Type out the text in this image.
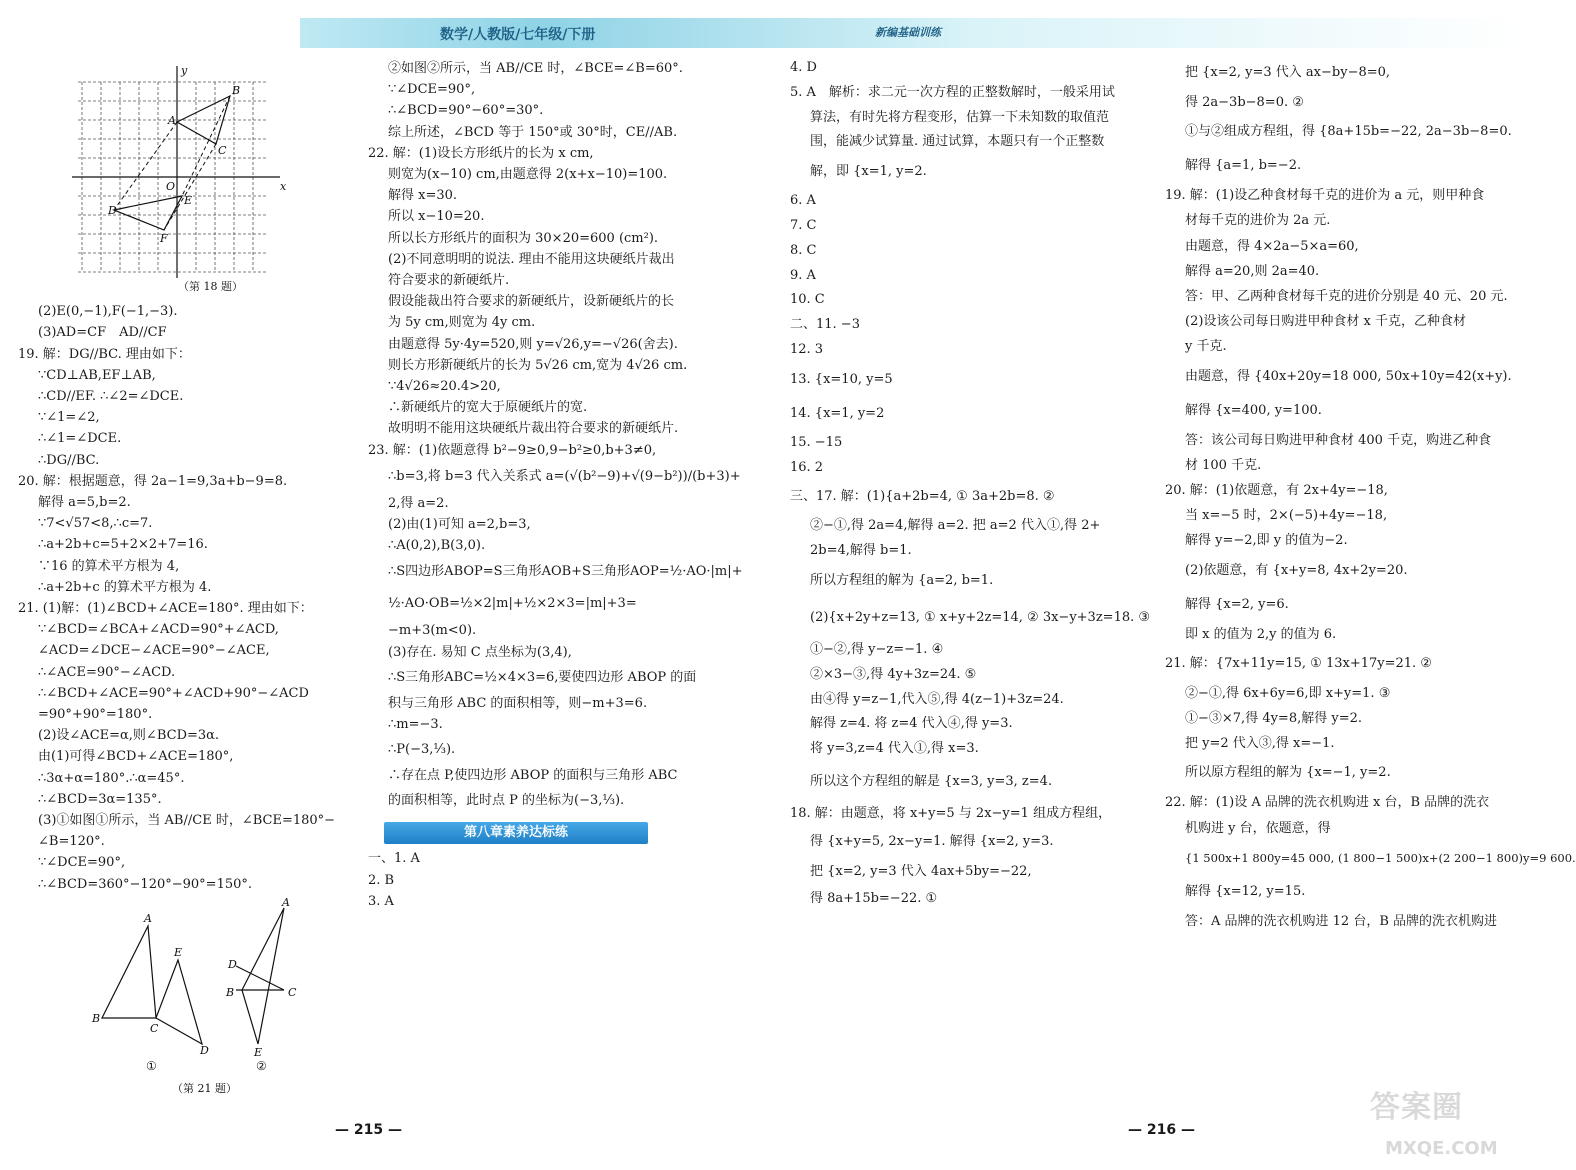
数学/人教版/七年级/下册	新编基础训练
y
x
O
A
B
C
D
E
F

（第 18 题）

(2)E(0,−1),F(−1,−3).

(3)AD=CF　AD//CF

19. 解：DG//BC. 理由如下：

∵CD⊥AB,EF⊥AB,

∴CD//EF. ∴∠2=∠DCE.

∵∠1=∠2,

∴∠1=∠DCE.

∴DG//BC.

20. 解：根据题意，得 2a−1=9,3a+b−9=8.

解得 a=5,b=2.

∵7<√57<8,∴c=7.

∴a+2b+c=5+2×2+7=16.

∵16 的算术平方根为 4,

∴a+2b+c 的算术平方根为 4.

21. (1)解：(1)∠BCD+∠ACE=180°. 理由如下：

∵∠BCD=∠BCA+∠ACD=90°+∠ACD,

∠ACD=∠DCE−∠ACE=90°−∠ACE,

∴∠ACE=90°−∠ACD.

∴∠BCD+∠ACE=90°+∠ACD+90°−∠ACD

=90°+90°=180°.

(2)设∠ACE=α,则∠BCD=3α.

由(1)可得∠BCD+∠ACE=180°,

∴3α+α=180°.∴α=45°.

∴∠BCD=3α=135°.

(3)①如图①所示，当 AB//CE 时，∠BCE=180°−

∠B=120°.

∵∠DCE=90°,

∴∠BCD=360°−120°−90°=150°.

A
B
C
E
D
A
D
B	C
E
①	②
（第 21 题）

②如图②所示，当 AB//CE 时，∠BCE=∠B=60°.

∵∠DCE=90°,

∴∠BCD=90°−60°=30°.

综上所述，∠BCD 等于 150°或 30°时，CE//AB.

22. 解：(1)设长方形纸片的长为 x cm,

则宽为(x−10) cm,由题意得 2(x+x−10)=100.

解得 x=30.

所以 x−10=20.

所以长方形纸片的面积为 30×20=600 (cm²).

(2)不同意明明的说法. 理由不能用这块硬纸片裁出

符合要求的新硬纸片.

假设能裁出符合要求的新硬纸片，设新硬纸片的长

为 5y cm,则宽为 4y cm.

由题意得 5y·4y=520,则 y=√26,y=−√26(舍去).

则长方形新硬纸片的长为 5√26 cm,宽为 4√26 cm.

∵4√26≈20.4>20,

∴新硬纸片的宽大于原硬纸片的宽.

故明明不能用这块硬纸片裁出符合要求的新硬纸片.

23. 解：(1)依题意得 b²−9≥0,9−b²≥0,b+3≠0,

∴b=3,将 b=3 代入关系式 a=(√(b²−9)+√(9−b²))/(b+3)+

2,得 a=2.

(2)由(1)可知 a=2,b=3,

∴A(0,2),B(3,0).

∴S四边形ABOP=S三角形AOB+S三角形AOP=½·AO·|m|+

½·AO·OB=½×2|m|+½×2×3=|m|+3=

−m+3(m<0).

(3)存在. 易知 C 点坐标为(3,4),

∴S三角形ABC=½×4×3=6,要使四边形 ABOP 的面

积与三角形 ABC 的面积相等，则−m+3=6.

∴m=−3.

∴P(−3,⅓).

∴存在点 P,使四边形 ABOP 的面积与三角形 ABC

的面积相等，此时点 P 的坐标为(−3,⅓).

第八章素养达标练

一、1. A

2. B

3. A

4. D

5. A　解析：求二元一次方程的正整数解时，一般采用试

算法，有时先将方程变形，估算一下未知数的取值范

围，能减少试算量. 通过试算，本题只有一个正整数

解，即 {x=1, y=2.

6. A

7. C

8. C

9. A

10. C

二、11. −3

12. 3

13. {x=10, y=5

14. {x=1, y=2

15. −15

16. 2

三、17. 解：(1){a+2b=4, ① 3a+2b=8. ②

②−①,得 2a=4,解得 a=2. 把 a=2 代入①,得 2+

2b=4,解得 b=1.

所以方程组的解为 {a=2, b=1.

(2){x+2y+z=13, ① x+y+2z=14, ② 3x−y+3z=18. ③

①−②,得 y−z=−1. ④

②×3−③,得 4y+3z=24. ⑤

由④得 y=z−1,代入⑤,得 4(z−1)+3z=24.

解得 z=4. 将 z=4 代入④,得 y=3.

将 y=3,z=4 代入①,得 x=3.

所以这个方程组的解是 {x=3, y=3, z=4.

18. 解：由题意，将 x+y=5 与 2x−y=1 组成方程组，

得 {x+y=5, 2x−y=1. 解得 {x=2, y=3.

把 {x=2, y=3 代入 4ax+5by=−22,

得 8a+15b=−22. ①

把 {x=2, y=3 代入 ax−by−8=0,

得 2a−3b−8=0. ②

①与②组成方程组，得 {8a+15b=−22, 2a−3b−8=0.

解得 {a=1, b=−2.

19. 解：(1)设乙种食材每千克的进价为 a 元，则甲种食

材每千克的进价为 2a 元.

由题意，得 4×2a−5×a=60,

解得 a=20,则 2a=40.

答：甲、乙两种食材每千克的进价分别是 40 元、20 元.

(2)设该公司每日购进甲种食材 x 千克，乙种食材

y 千克.

由题意，得 {40x+20y=18 000, 50x+10y=42(x+y).

解得 {x=400, y=100.

答：该公司每日购进甲种食材 400 千克，购进乙种食

材 100 千克.

20. 解：(1)依题意，有 2x+4y=−18,

当 x=−5 时，2×(−5)+4y=−18,

解得 y=−2,即 y 的值为−2.

(2)依题意，有 {x+y=8, 4x+2y=20.

解得 {x=2, y=6.

即 x 的值为 2,y 的值为 6.

21. 解：{7x+11y=15, ① 13x+17y=21. ②

②−①,得 6x+6y=6,即 x+y=1. ③

①−③×7,得 4y=8,解得 y=2.

把 y=2 代入③,得 x=−1.

所以原方程组的解为 {x=−1, y=2.

22. 解：(1)设 A 品牌的洗衣机购进 x 台，B 品牌的洗衣

机购进 y 台，依题意，得

{1 500x+1 800y=45 000, (1 800−1 500)x+(2 200−1 800)y=9 600.

解得 {x=12, y=15.

答：A 品牌的洗衣机购进 12 台，B 品牌的洗衣机购进

— 215 —	— 216 —
答案圈
MXQE.COM
